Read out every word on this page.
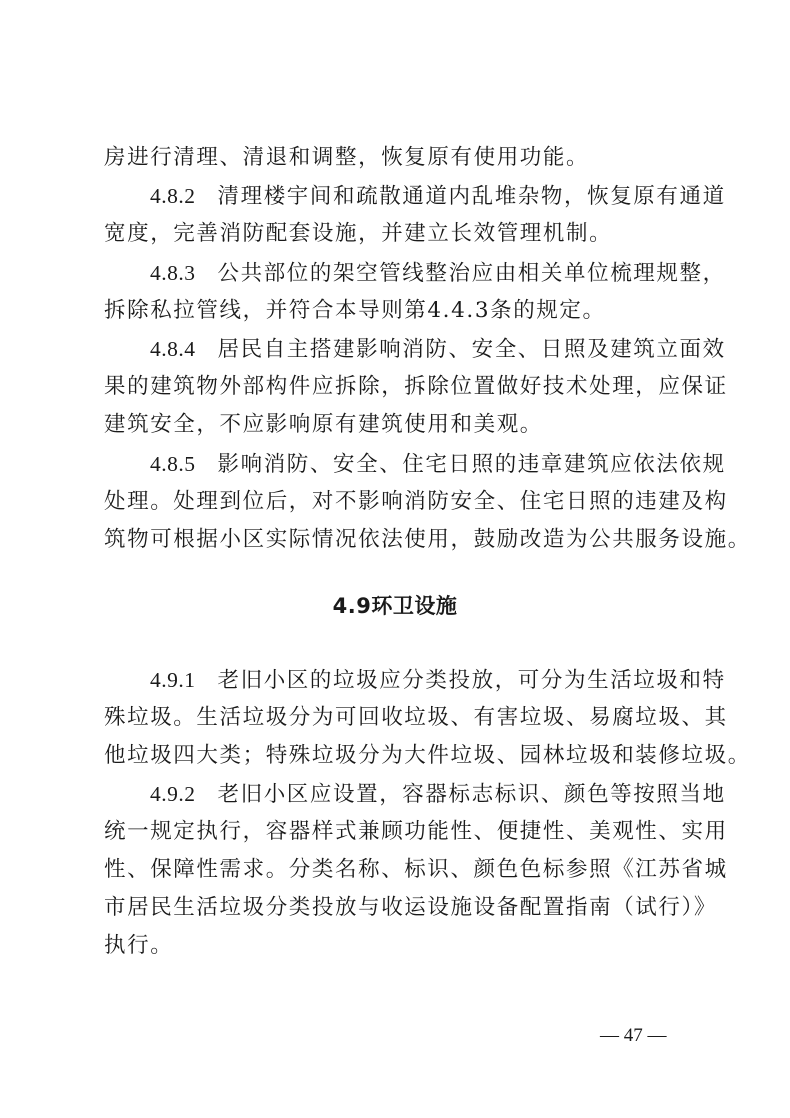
房进行清理、清退和调整，恢复原有使用功能。
4.8.2 清理楼宇间和疏散通道内乱堆杂物，恢复原有通道
宽度，完善消防配套设施，并建立长效管理机制。
4.8.3 公共部位的架空管线整治应由相关单位梳理规整，
拆除私拉管线，并符合本导则第4.4.3条的规定。
4.8.4 居民自主搭建影响消防、安全、日照及建筑立面效
果的建筑物外部构件应拆除，拆除位置做好技术处理，应保证
建筑安全，不应影响原有建筑使用和美观。
4.8.5 影响消防、安全、住宅日照的违章建筑应依法依规
处理。处理到位后，对不影响消防安全、住宅日照的违建及构
筑物可根据小区实际情况依法使用，鼓励改造为公共服务设施。
4.9环卫设施
4.9.1 老旧小区的垃圾应分类投放，可分为生活垃圾和特
殊垃圾。生活垃圾分为可回收垃圾、有害垃圾、易腐垃圾、其
他垃圾四大类；特殊垃圾分为大件垃圾、园林垃圾和装修垃圾。
4.9.2 老旧小区应设置，容器标志标识、颜色等按照当地
统一规定执行，容器样式兼顾功能性、便捷性、美观性、实用
性、保障性需求。分类名称、标识、颜色色标参照《江苏省城
市居民生活垃圾分类投放与收运设施设备配置指南（试行）》
执行。
— 47 —
